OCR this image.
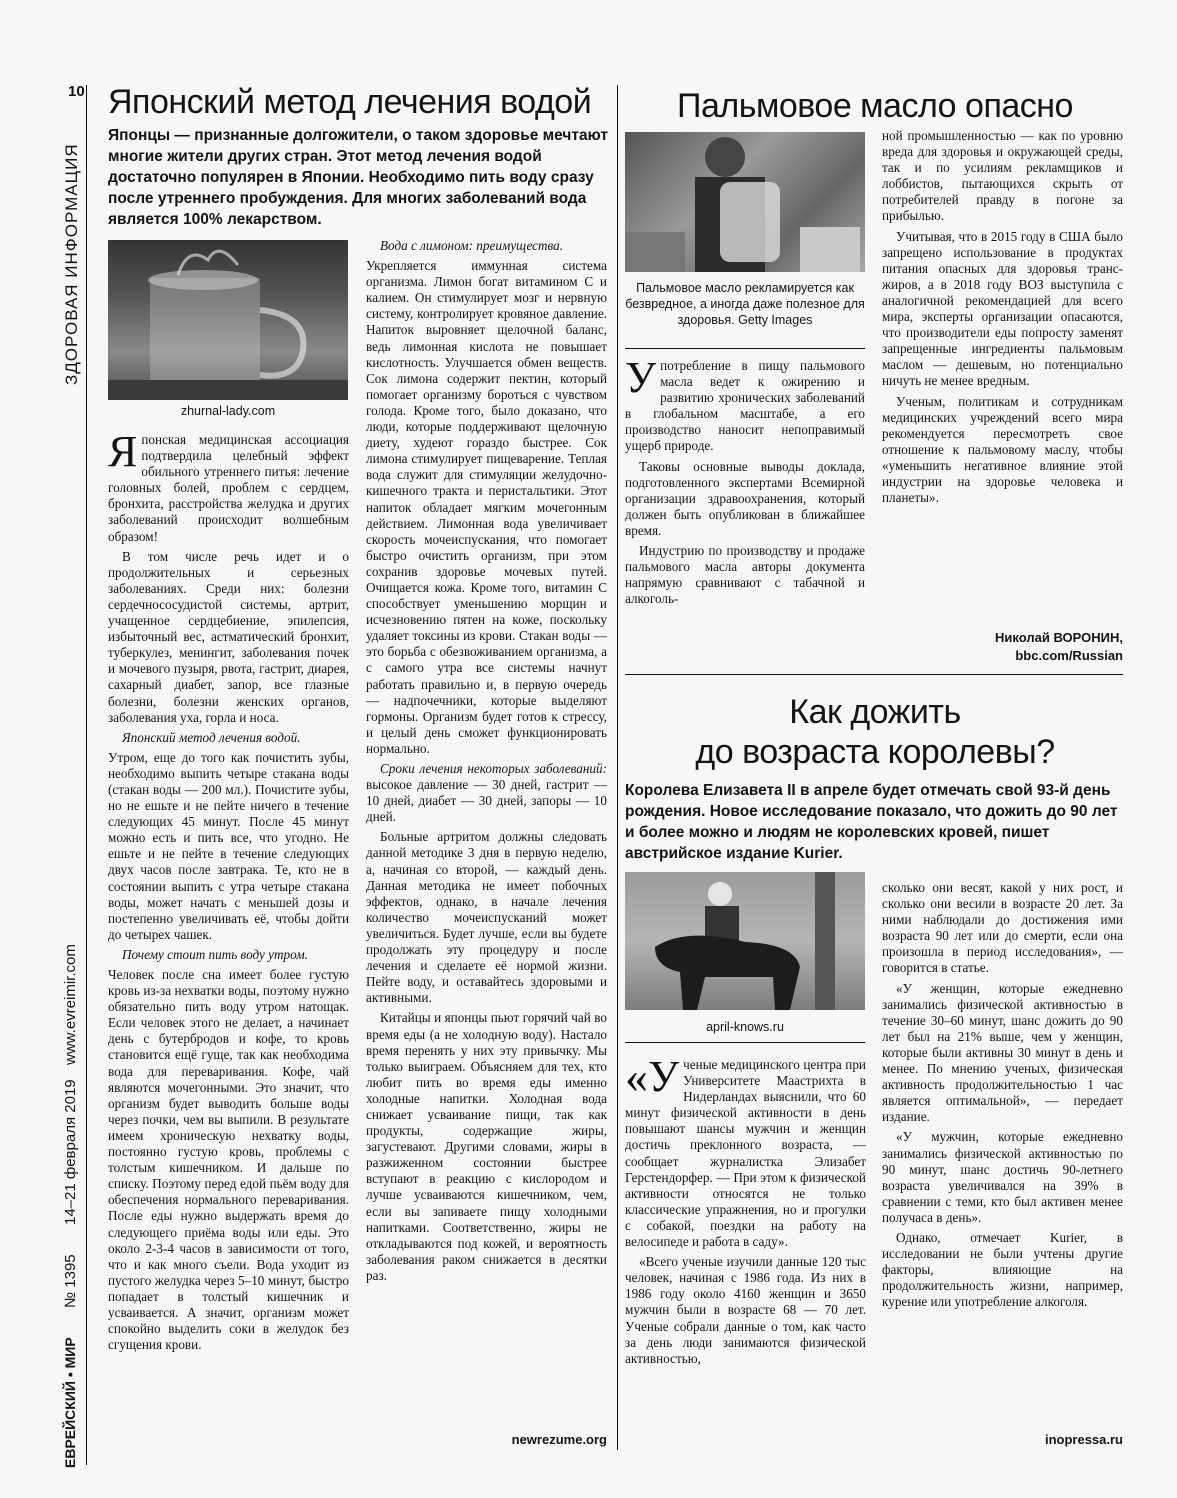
10
ЗДОРОВАЯ ИНФОРМАЦИЯ
www.evreimir.com
14–21 февраля 2019
№ 1395
ЕВРЕЙСКИЙ • МИР
Японский метод лечения водой
Японцы — признанные долгожители, о таком здоровье мечтают многие жители других стран. Этот метод лечения водой достаточно популярен в Японии. Необходимо пить воду сразу после утреннего пробуждения. Для многих заболеваний вода является 100% лекарством.
zhurnal-lady.com

Японская медицинская ассоциация подтвердила целебный эффект обильного утреннего питья: лечение головных болей, проблем с сердцем, бронхита, расстройства желудка и других заболеваний происходит волшебным образом!

В том числе речь идет и о продолжительных и серьезных заболеваниях. Среди них: болезни сердечнососудистой системы, артрит, учащенное сердцебиение, эпилепсия, избыточный вес, астматический бронхит, туберкулез, менингит, заболевания почек и мочевого пузыря, рвота, гастрит, диарея, сахарный диабет, запор, все глазные болезни, болезни женских органов, заболевания уха, горла и носа.

Японский метод лечения водой.

Утром, еще до того как почистить зубы, необходимо выпить четыре стакана воды (стакан воды — 200 мл.). Почистите зубы, но не ешьте и не пейте ничего в течение следующих 45 минут. После 45 минут можно есть и пить все, что угодно. Не ешьте и не пейте в течение следующих двух часов после завтрака. Те, кто не в состоянии выпить с утра четыре стакана воды, может начать с меньшей дозы и постепенно увеличивать её, чтобы дойти до четырех чашек.

Почему стоит пить воду утром.

Человек после сна имеет более густую кровь из-за нехватки воды, поэтому нужно обязательно пить воду утром натощак. Если человек этого не делает, а начинает день с бутербродов и кофе, то кровь становится ещё гуще, так как необходима вода для переваривания. Кофе, чай являются мочегонными. Это значит, что организм будет выводить больше воды через почки, чем вы выпили. В результате имеем хроническую нехватку воды, постоянно густую кровь, проблемы с толстым кишечником. И дальше по списку. Поэтому перед едой пьём воду для обеспечения нормального переваривания. После еды нужно выдержать время до следующего приёма воды или еды. Это около 2-3-4 часов в зависимости от того, что и как много съели. Вода уходит из пустого желудка через 5–10 минут, быстро попадает в толстый кишечник и усваивается. А значит, организм может спокойно выделить соки в желудок без сгущения крови.

Вода с лимоном: преимущества.

Укрепляется иммунная система организма. Лимон богат витамином С и калием. Он стимулирует мозг и нервную систему, контролирует кровяное давление. Напиток выровняет щелочной баланс, ведь лимонная кислота не повышает кислотность. Улучшается обмен веществ. Сок лимона содержит пектин, который помогает организму бороться с чувством голода. Кроме того, было доказано, что люди, которые поддерживают щелочную диету, худеют гораздо быстрее. Сок лимона стимулирует пищеварение. Теплая вода служит для стимуляции желудочно-кишечного тракта и перистальтики. Этот напиток обладает мягким мочегонным действием. Лимонная вода увеличивает скорость мочеиспускания, что помогает быстро очистить организм, при этом сохранив здоровье мочевых путей. Очищается кожа. Кроме того, витамин С способствует уменьшению морщин и исчезновению пятен на коже, поскольку удаляет токсины из крови. Стакан воды — это борьба с обезвоживанием организма, а с самого утра все системы начнут работать правильно и, в первую очередь — надпочечники, которые выделяют гормоны. Организм будет готов к стрессу, и целый день сможет функционировать нормально.

Сроки лечения некоторых заболеваний: высокое давление — 30 дней, гастрит — 10 дней, диабет — 30 дней, запоры — 10 дней.

Больные артритом должны следовать данной методике 3 дня в первую неделю, а, начиная со второй, — каждый день. Данная методика не имеет побочных эффектов, однако, в начале лечения количество мочеиспусканий может увеличиться. Будет лучше, если вы будете продолжать эту процедуру и после лечения и сделаете её нормой жизни. Пейте воду, и оставайтесь здоровыми и активными.

Китайцы и японцы пьют горячий чай во время еды (а не холодную воду). Настало время перенять у них эту привычку. Мы только выиграем. Объясняем для тех, кто любит пить во время еды именно холодные напитки. Холодная вода снижает усваивание пищи, так как продукты, содержащие жиры, загустевают. Другими словами, жиры в разжиженном состоянии быстрее вступают в реакцию с кислородом и лучше усваиваются кишечником, чем, если вы запиваете пищу холодными напитками. Соответственно, жиры не откладываются под кожей, и вероятность заболевания раком снижается в десятки раз.

newrezume.org
Пальмовое масло опасно
Пальмовое масло рекламируется как безвредное, а иногда даже полезное для здоровья. Getty Images

Употребление в пищу пальмового масла ведет к ожирению и развитию хронических заболеваний в глобальном масштабе, а его производство наносит непоправимый ущерб природе.

Таковы основные выводы доклада, подготовленного экспертами Всемирной организации здравоохранения, который должен быть опубликован в ближайшее время.

Индустрию по производству и продаже пальмового масла авторы документа напрямую сравнивают с табачной и алкоголь-

ной промышленностью — как по уровню вреда для здоровья и окружающей среды, так и по усилиям рекламщиков и лоббистов, пытающихся скрыть от потребителей правду в погоне за прибылью.

Учитывая, что в 2015 году в США было запрещено использование в продуктах питания опасных для здоровья транс-жиров, а в 2018 году ВОЗ выступила с аналогичной рекомендацией для всего мира, эксперты организации опасаются, что производители еды попросту заменят запрещенные ингредиенты пальмовым маслом — дешевым, но потенциально ничуть не менее вредным.

Ученым, политикам и сотрудникам медицинских учреждений всего мира рекомендуется пересмотреть свое отношение к пальмовому маслу, чтобы «уменьшить негативное влияние этой индустрии на здоровье человека и планеты».

Николай ВОРОНИН,
bbc.com/Russian
Как дожить
до возраста королевы?
Королева Елизавета II в апреле будет отмечать свой 93-й день рождения. Новое исследование показало, что дожить до 90 лет и более можно и людям не королевских кровей, пишет австрийское издание Kurier.
april-knows.ru

« У ченые медицинского центра при Университете Маастрихта в Нидерландах выяснили, что 60 минут физической активности в день повышают шансы мужчин и женщин достичь преклонного возраста, — сообщает журналистка Элизабет Герстендорфер. — При этом к физической активности относятся не только классические упражнения, но и прогулки с собакой, поездки на работу на велосипеде и работа в саду».

«Всего ученые изучили данные 120 тыс человек, начиная с 1986 года. Из них в 1986 году около 4160 женщин и 3650 мужчин были в возрасте 68 — 70 лет. Ученые собрали данные о том, как часто за день люди занимаются физической активностью,

сколько они весят, какой у них рост, и сколько они весили в возрасте 20 лет. За ними наблюдали до достижения ими возраста 90 лет или до смерти, если она произошла в период исследования», — говорится в статье.

«У женщин, которые ежедневно занимались физической активностью в течение 30–60 минут, шанс дожить до 90 лет был на 21% выше, чем у женщин, которые были активны 30 минут в день и менее. По мнению ученых, физическая активность продолжительностью 1 час является оптимальной», — передает издание.

«У мужчин, которые ежедневно занимались физической активностью по 90 минут, шанс достичь 90-летнего возраста увеличивался на 39% в сравнении с теми, кто был активен менее получаса в день».

Однако, отмечает Kurier, в исследовании не были учтены другие факторы, влияющие на продолжительность жизни, например, курение или употребление алкоголя.

inopressa.ru
